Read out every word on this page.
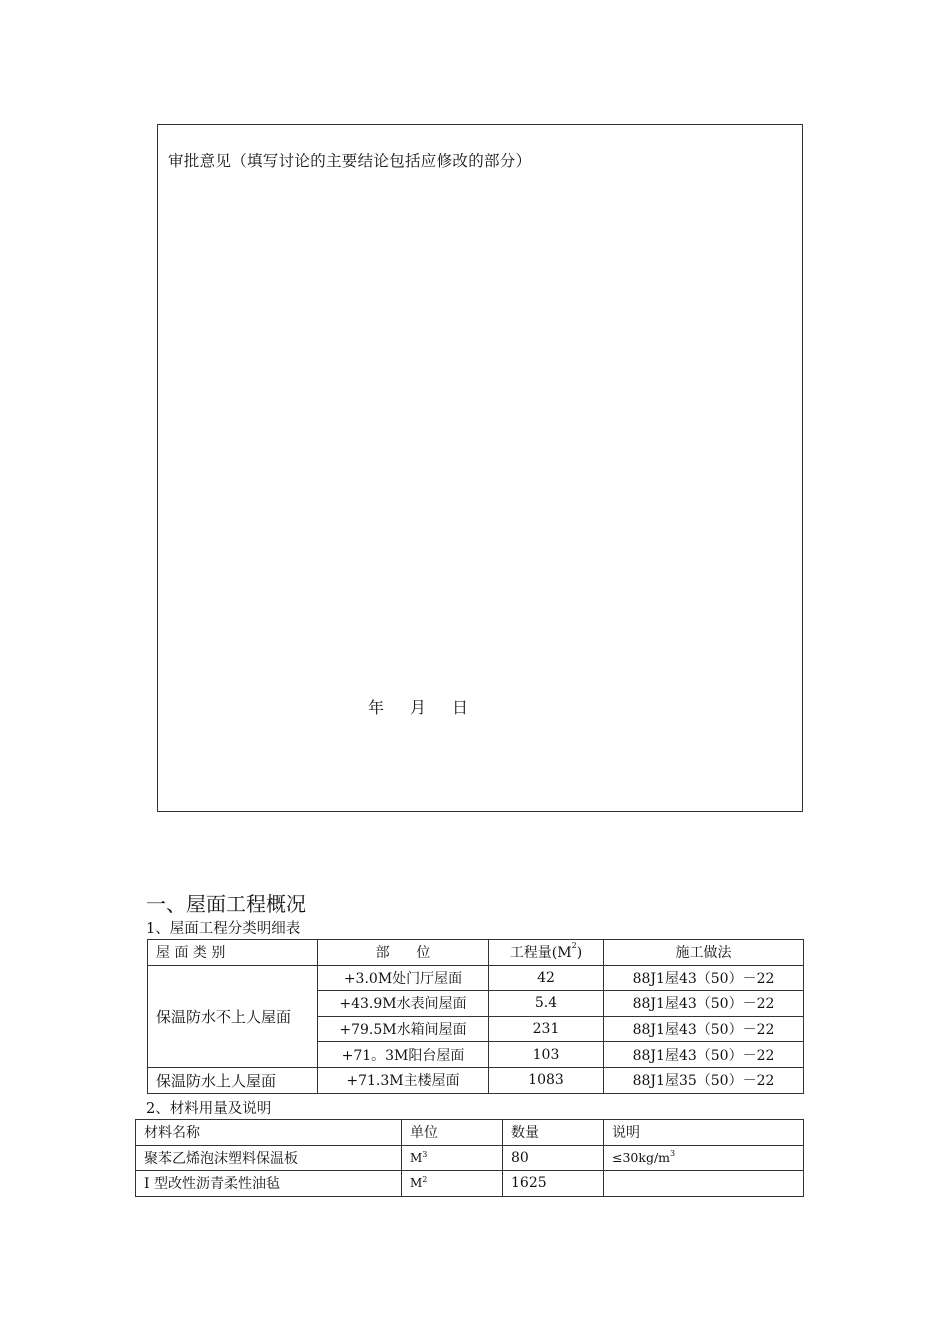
审批意见（填写讨论的主要结论包括应修改的部分）
年 月 日
一、屋面工程概况
1、屋面工程分类明细表
屋 面 类 别	部      位	工程量$(M^2)$	施工做法
保温防水不上人屋面	+3.0M处门厅屋面	42	88J1屋43（50）－22
	+43.9M水表间屋面	5.4	88J1屋43（50）－22
	+79.5M水箱间屋面	231	88J1屋43（50）－22
	+71。3M阳台屋面	103	88J1屋43（50）－22
保温防水上人屋面	+71.3M主楼屋面	1083	88J1屋35（50）－22
2、材料用量及说明
材料名称	单位	数量	说明
聚苯乙烯泡沫塑料保温板	$M^3$	80	$\le 30kg/m^3$
Ⅰ 型改性沥青柔性油毡	$M^2$	1625	
